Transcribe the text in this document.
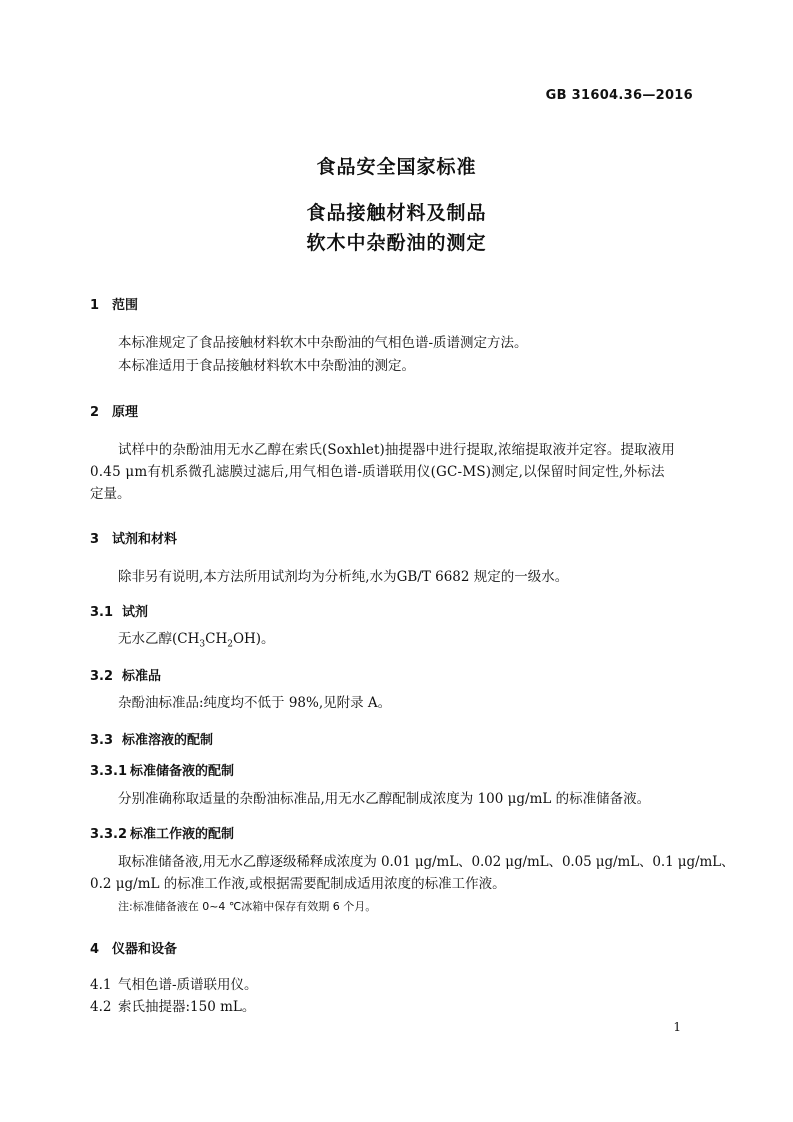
GB 31604.36—2016
食品安全国家标准
食品接触材料及制品
软木中杂酚油的测定
1 范围
本标准规定了食品接触材料软木中杂酚油的气相色谱-质谱测定方法。
本标准适用于食品接触材料软木中杂酚油的测定。
2 原理
试样中的杂酚油用无水乙醇在索氏(Soxhlet)抽提器中进行提取,浓缩提取液并定容。提取液用
0.45 μm有机系微孔滤膜过滤后,用气相色谱-质谱联用仪(GC-MS)测定,以保留时间定性,外标法
定量。
3 试剂和材料
除非另有说明,本方法所用试剂均为分析纯,水为GB/T 6682 规定的一级水。
3.1 试剂
无水乙醇$(CH_3CH_2OH)$。
3.2 标准品
杂酚油标准品:纯度均不低于 98%,见附录 A。
3.3 标准溶液的配制
3.3.1 标准储备液的配制
分别准确称取适量的杂酚油标准品,用无水乙醇配制成浓度为 100 μg/mL 的标准储备液。
3.3.2 标准工作液的配制
取标准储备液,用无水乙醇逐级稀释成浓度为 0.01 μg/mL、0.02 μg/mL、0.05 μg/mL、0.1 μg/mL、
0.2 μg/mL 的标准工作液,或根据需要配制成适用浓度的标准工作液。
注:标准储备液在 0~4 ℃冰箱中保存有效期 6 个月。
4 仪器和设备
4.1 气相色谱-质谱联用仪。
4.2 索氏抽提器:150 mL。
1
